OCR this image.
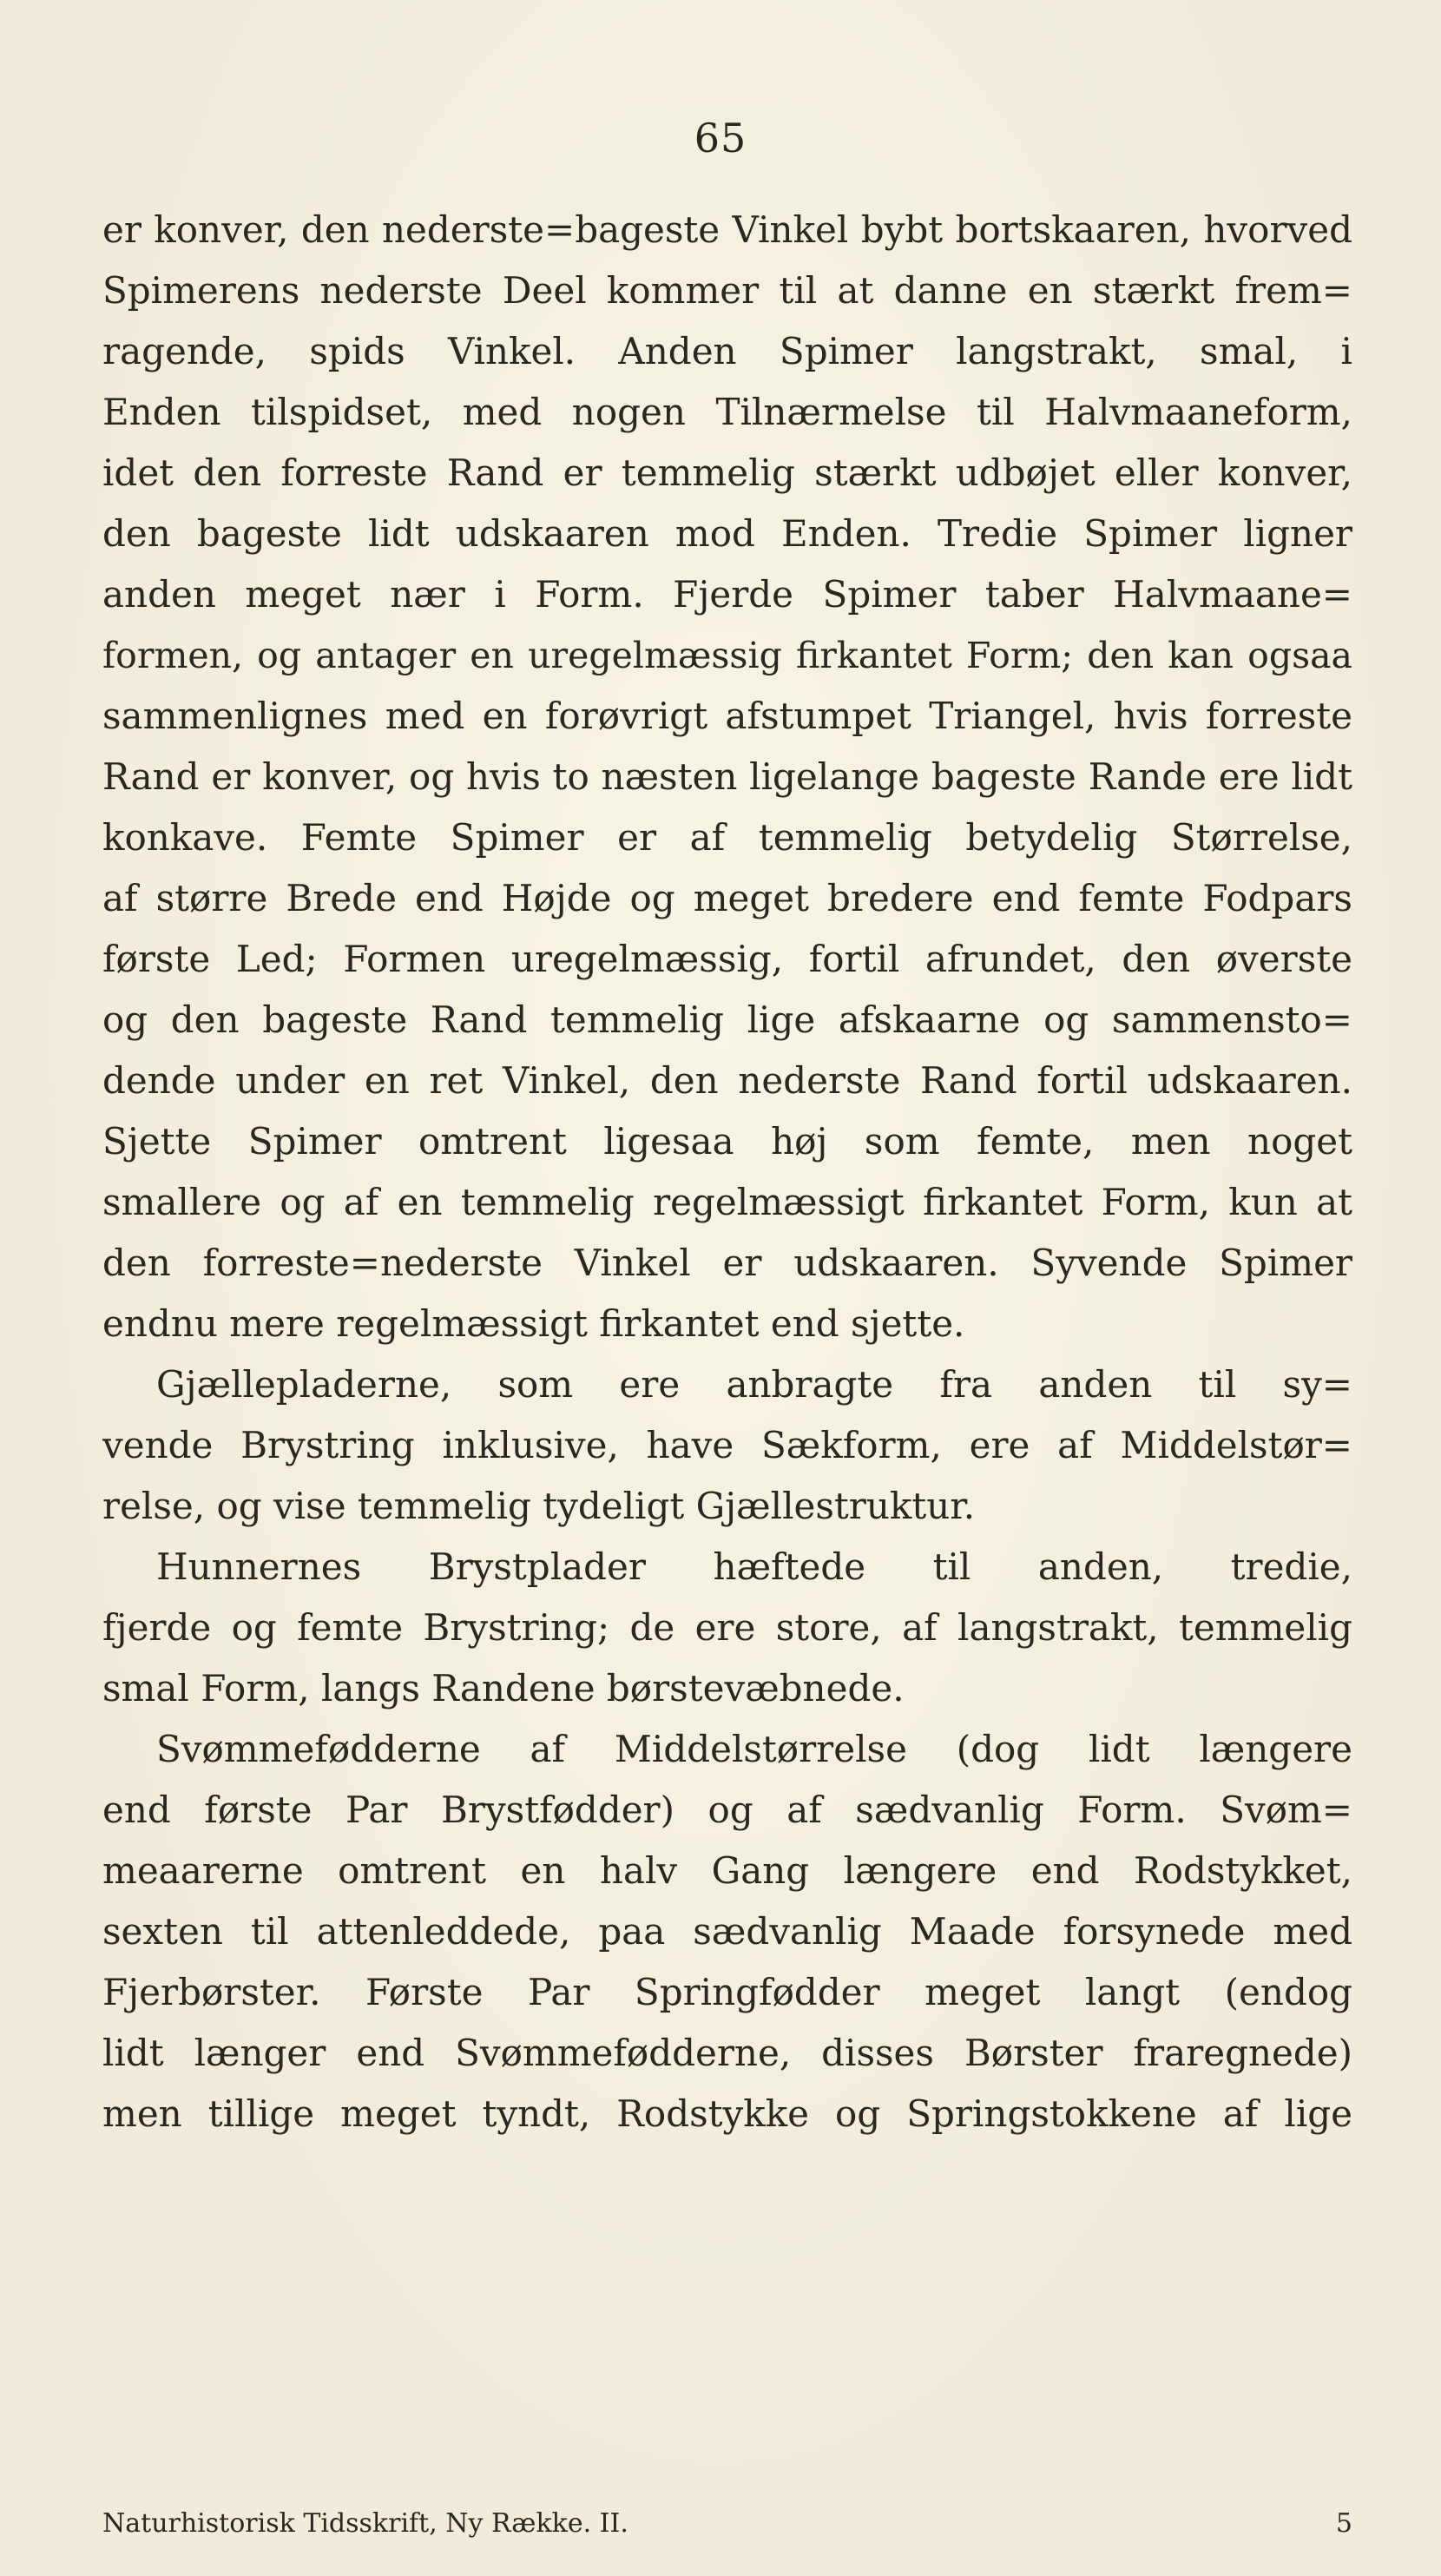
65
er konver, den nederste=bageste Vinkel bybt bortskaaren, hvorved
Spimerens nederste Deel kommer til at danne en stærkt frem=
ragende, spids Vinkel. Anden Spimer langstrakt, smal, i
Enden tilspidset, med nogen Tilnærmelse til Halvmaaneform,
idet den forreste Rand er temmelig stærkt udbøjet eller konver,
den bageste lidt udskaaren mod Enden. Tredie Spimer ligner
anden meget nær i Form. Fjerde Spimer taber Halvmaane=
formen, og antager en uregelmæssig firkantet Form; den kan ogsaa
sammenlignes med en forøvrigt afstumpet Triangel, hvis forreste
Rand er konver, og hvis to næsten ligelange bageste Rande ere lidt
konkave. Femte Spimer er af temmelig betydelig Størrelse,
af større Brede end Højde og meget bredere end femte Fodpars
første Led; Formen uregelmæssig, fortil afrundet, den øverste
og den bageste Rand temmelig lige afskaarne og sammensto=
dende under en ret Vinkel, den nederste Rand fortil udskaaren.
Sjette Spimer omtrent ligesaa høj som femte, men noget
smallere og af en temmelig regelmæssigt firkantet Form, kun at
den forreste=nederste Vinkel er udskaaren. Syvende Spimer
endnu mere regelmæssigt firkantet end sjette.
Gjællepladerne, som ere anbragte fra anden til sy=
vende Brystring inklusive, have Sækform, ere af Middelstør=
relse, og vise temmelig tydeligt Gjællestruktur.
Hunnernes Brystplader hæftede til anden, tredie,
fjerde og femte Brystring; de ere store, af langstrakt, temmelig
smal Form, langs Randene børstevæbnede.
Svømmefødderne af Middelstørrelse (dog lidt længere
end første Par Brystfødder) og af sædvanlig Form. Svøm=
meaarerne omtrent en halv Gang længere end Rodstykket,
sexten til attenleddede, paa sædvanlig Maade forsynede med
Fjerbørster. Første Par Springfødder meget langt (endog
lidt længer end Svømmefødderne, disses Børster fraregnede)
men tillige meget tyndt, Rodstykke og Springstokkene af lige
Naturhistorisk Tidsskrift, Ny Række. II.	5
